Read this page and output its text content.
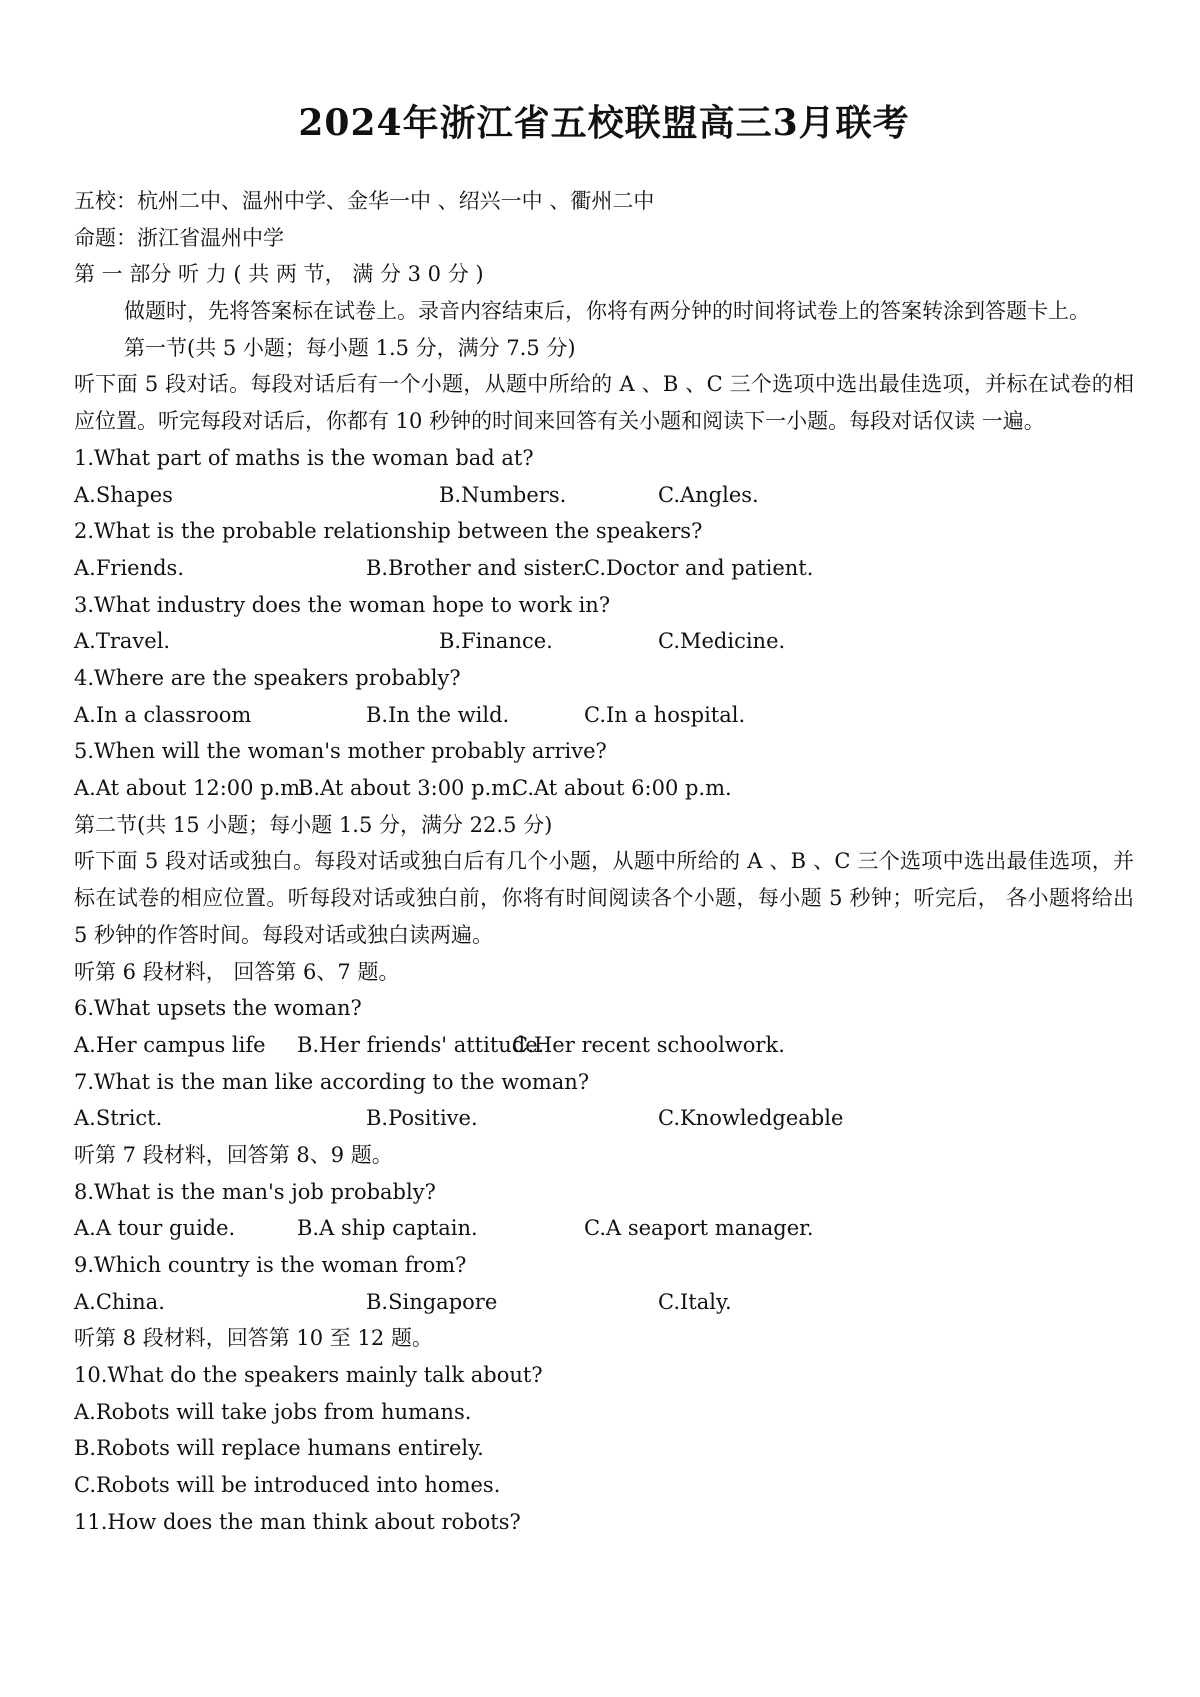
2024年浙江省五校联盟高三3月联考
五校：杭州二中、温州中学、金华一中 、绍兴一中 、衢州二中
命题：浙江省温州中学
第 一 部分 听 力 ( 共 两 节， 满 分 3 0 分 )
做题时，先将答案标在试卷上。录音内容结束后，你将有两分钟的时间将试卷上的答案转涂到答题卡上。
第一节(共 5 小题；每小题 1.5 分，满分 7.5 分)
听下面 5 段对话。每段对话后有一个小题，从题中所给的 A 、B 、C 三个选项中选出最佳选项，并标在试卷的相应位置。听完每段对话后，你都有 10 秒钟的时间来回答有关小题和阅读下一小题。每段对话仅读 一遍。
1.What part of maths is the woman bad at?
A.Shapes	B.Numbers.	C.Angles.
2.What is the probable relationship between the speakers?
A.Friends.	B.Brother and sister.
C.Doctor and patient.
3.What industry does the woman hope to work in?
A.Travel.	B.Finance.	C.Medicine.
4.Where are the speakers probably?
A.In a classroom	B.In the wild.	C.In a hospital.
5.When will the woman's mother probably arrive?
A.At about 12:00 p.m.
B.At about 3:00 p.m.
C.At about 6:00 p.m.
第二节(共 15 小题；每小题 1.5 分，满分 22.5 分)
听下面 5 段对话或独白。每段对话或独白后有几个小题，从题中所给的 A 、B 、C 三个选项中选出最佳选项，并标在试卷的相应位置。听每段对话或独白前，你将有时间阅读各个小题，每小题 5 秒钟；听完后， 各小题将给出 5 秒钟的作答时间。每段对话或独白读两遍。
听第 6 段材料， 回答第 6、7 题。
6.What upsets the woman?
A.Her campus life B.Her friends' attitude.
C.Her recent schoolwork.
7.What is the man like according to the woman?
A.Strict.	B.Positive.	C.Knowledgeable
听第 7 段材料，回答第 8、9 题。
8.What is the man's job probably?
A.A tour guide.	B.A ship captain.	C.A seaport manager.
9.Which country is the woman from?
A.China.	B.Singapore	C.Italy.
听第 8 段材料，回答第 10 至 12 题。
10.What do the speakers mainly talk about?
A.Robots will take jobs from humans.
B.Robots will replace humans entirely.
C.Robots will be introduced into homes.
11.How does the man think about robots?
